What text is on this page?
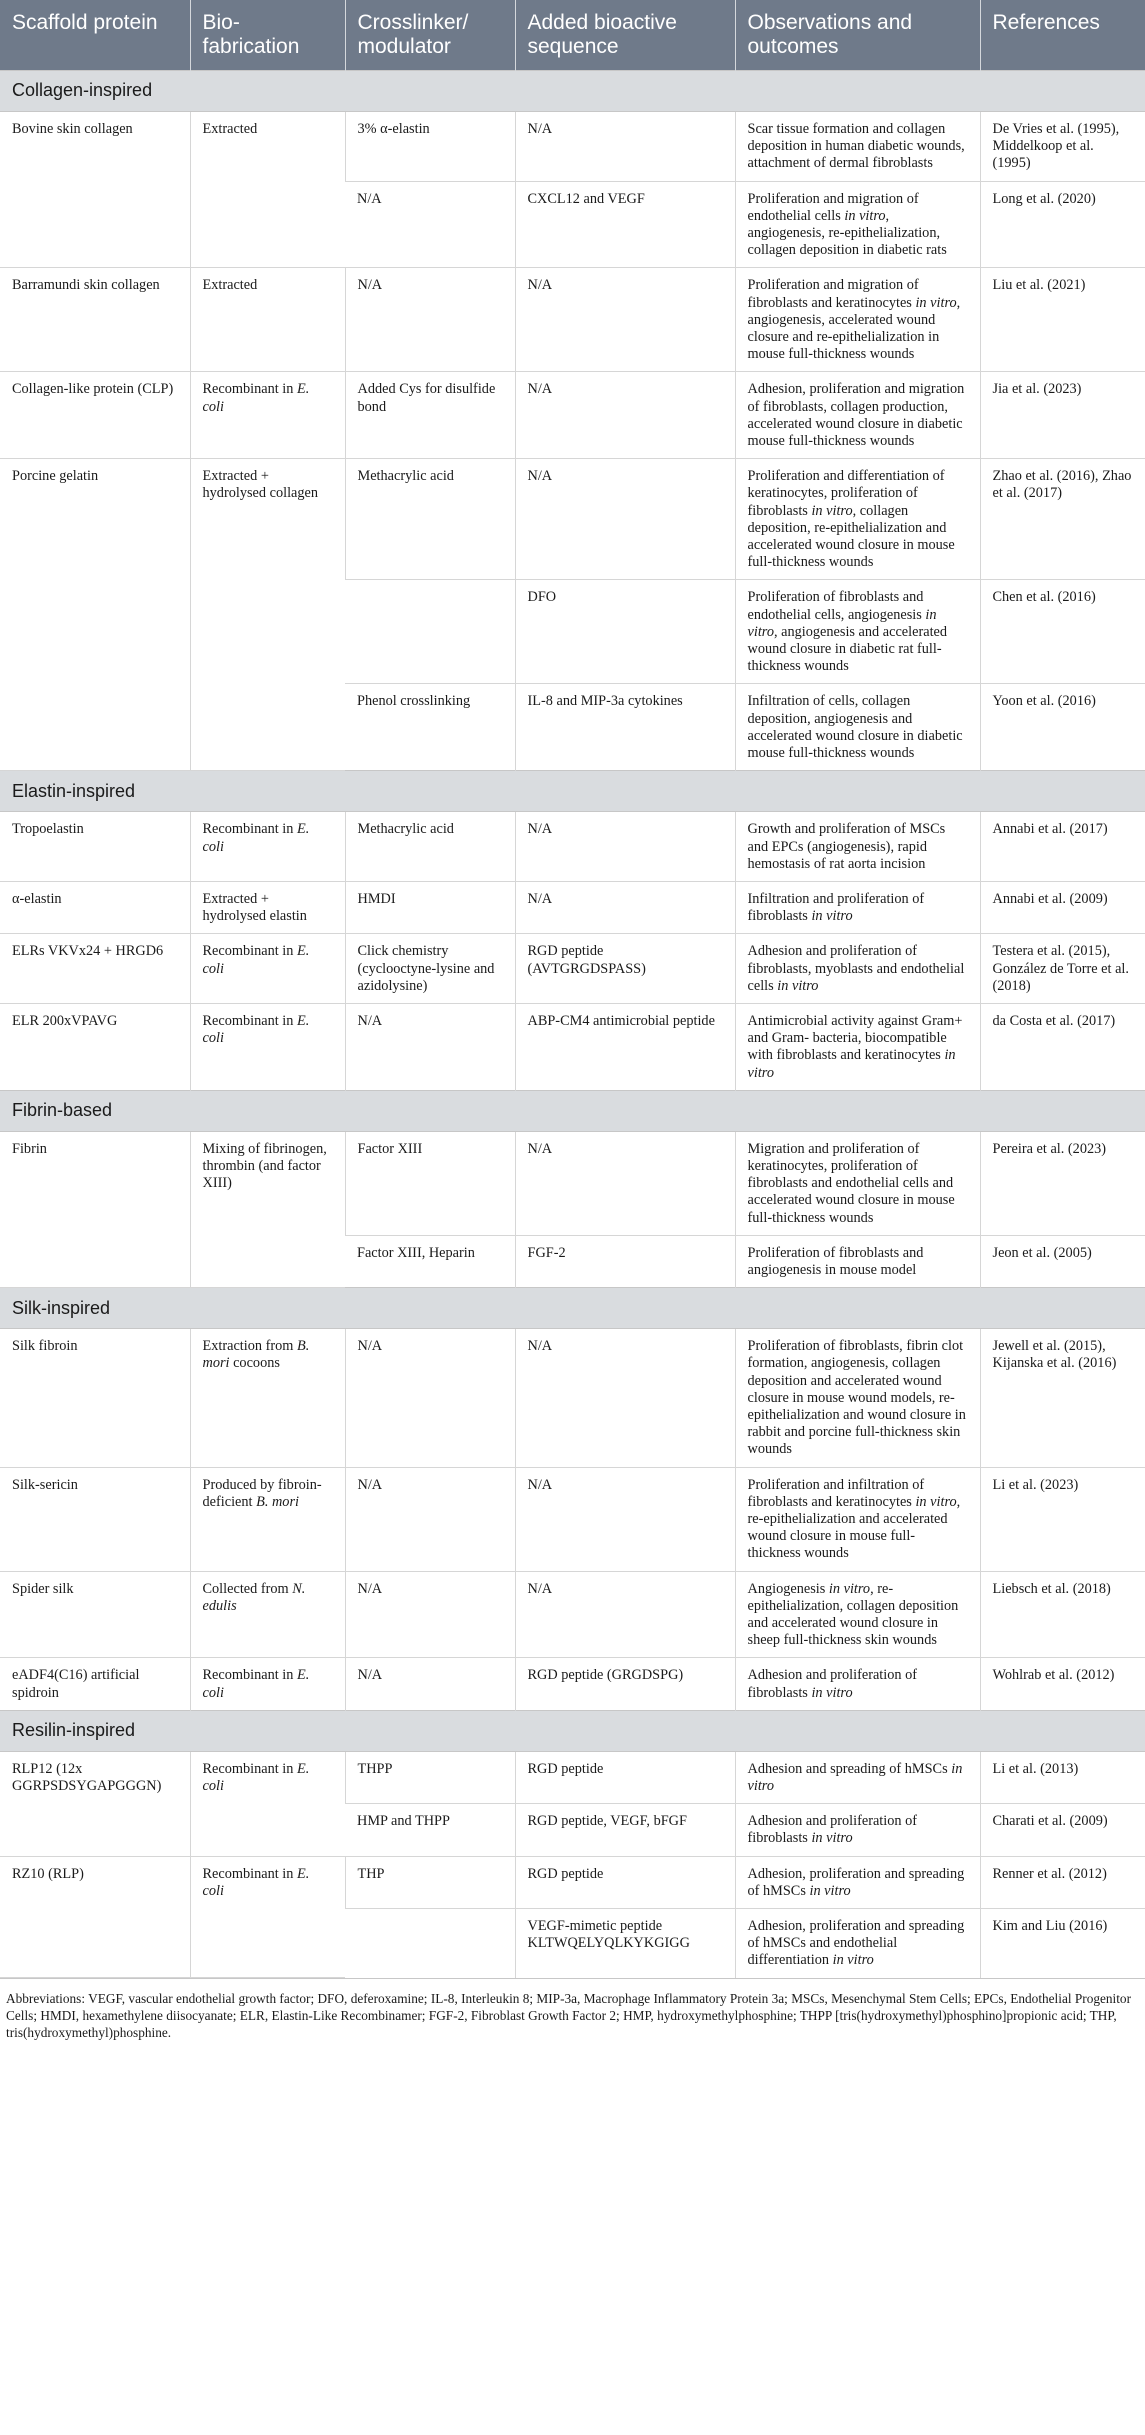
Scaffold protein	Bio-fabrication	Crosslinker/ modulator	Added bioactive sequence	Observations and outcomes	References
Collagen-inspired					
Bovine skin collagen	Extracted	3% α-elastin	N/A	Scar tissue formation and collagen deposition in human diabetic wounds, attachment of dermal fibroblasts	De Vries et al. (1995), Middelkoop et al. (1995)
		N/A	CXCL12 and VEGF	Proliferation and migration of endothelial cells in vitro, angiogenesis, re-epithelialization, collagen deposition in diabetic rats	Long et al. (2020)
Barramundi skin collagen	Extracted	N/A	N/A	Proliferation and migration of fibroblasts and keratinocytes in vitro, angiogenesis, accelerated wound closure and re-epithelialization in mouse full-thickness wounds	Liu et al. (2021)
Collagen-like protein (CLP)	Recombinant in E. coli	Added Cys for disulfide bond	N/A	Adhesion, proliferation and migration of fibroblasts, collagen production, accelerated wound closure in diabetic mouse full-thickness wounds	Jia et al. (2023)
Porcine gelatin	Extracted + hydrolysed collagen	Methacrylic acid	N/A	Proliferation and differentiation of keratinocytes, proliferation of fibroblasts in vitro, collagen deposition, re-epithelialization and accelerated wound closure in mouse full-thickness wounds	Zhao et al. (2016), Zhao et al. (2017)
			DFO	Proliferation of fibroblasts and endothelial cells, angiogenesis in vitro, angiogenesis and accelerated wound closure in diabetic rat full-thickness wounds	Chen et al. (2016)
		Phenol crosslinking	IL-8 and MIP-3a cytokines	Infiltration of cells, collagen deposition, angiogenesis and accelerated wound closure in diabetic mouse full-thickness wounds	Yoon et al. (2016)
Elastin-inspired					
Tropoelastin	Recombinant in E. coli	Methacrylic acid	N/A	Growth and proliferation of MSCs and EPCs (angiogenesis), rapid hemostasis of rat aorta incision	Annabi et al. (2017)
α-elastin	Extracted + hydrolysed elastin	HMDI	N/A	Infiltration and proliferation of fibroblasts in vitro	Annabi et al. (2009)
ELRs VKVx24 + HRGD6	Recombinant in E. coli	Click chemistry (cyclooctyne-lysine and azidolysine)	RGD peptide (AVTGRGDSPASS)	Adhesion and proliferation of fibroblasts, myoblasts and endothelial cells in vitro	Testera et al. (2015), González de Torre et al. (2018)
ELR 200xVPAVG	Recombinant in E. coli	N/A	ABP-CM4 antimicrobial peptide	Antimicrobial activity against Gram+ and Gram- bacteria, biocompatible with fibroblasts and keratinocytes in vitro	da Costa et al. (2017)
Fibrin-based					
Fibrin	Mixing of fibrinogen, thrombin (and factor XIII)	Factor XIII	N/A	Migration and proliferation of keratinocytes, proliferation of fibroblasts and endothelial cells and accelerated wound closure in mouse full-thickness wounds	Pereira et al. (2023)
		Factor XIII, Heparin	FGF-2	Proliferation of fibroblasts and angiogenesis in mouse model	Jeon et al. (2005)
Silk-inspired					
Silk fibroin	Extraction from B. mori cocoons	N/A	N/A	Proliferation of fibroblasts, fibrin clot formation, angiogenesis, collagen deposition and accelerated wound closure in mouse wound models, re-epithelialization and wound closure in rabbit and porcine full-thickness skin wounds	Jewell et al. (2015), Kijanska et al. (2016)
Silk-sericin	Produced by fibroin-deficient B. mori	N/A	N/A	Proliferation and infiltration of fibroblasts and keratinocytes in vitro, re-epithelialization and accelerated wound closure in mouse full-thickness wounds	Li et al. (2023)
Spider silk	Collected from N. edulis	N/A	N/A	Angiogenesis in vitro, re-epithelialization, collagen deposition and accelerated wound closure in sheep full-thickness skin wounds	Liebsch et al. (2018)
eADF4(C16) artificial spidroin	Recombinant in E. coli	N/A	RGD peptide (GRGDSPG)	Adhesion and proliferation of fibroblasts in vitro	Wohlrab et al. (2012)
Resilin-inspired					
RLP12 (12x GGRPSDSYGAPGGGN)	Recombinant in E. coli	THPP	RGD peptide	Adhesion and spreading of hMSCs in vitro	Li et al. (2013)
		HMP and THPP	RGD peptide, VEGF, bFGF	Adhesion and proliferation of fibroblasts in vitro	Charati et al. (2009)
RZ10 (RLP)	Recombinant in E. coli	THP	RGD peptide	Adhesion, proliferation and spreading of hMSCs in vitro	Renner et al. (2012)
			VEGF-mimetic peptide KLTWQELYQLKYKGIGG	Adhesion, proliferation and spreading of hMSCs and endothelial differentiation in vitro	Kim and Liu (2016)
Abbreviations: VEGF, vascular endothelial growth factor; DFO, deferoxamine; IL-8, Interleukin 8; MIP-3a, Macrophage Inflammatory Protein 3a; MSCs, Mesenchymal Stem Cells; EPCs, Endothelial Progenitor Cells; HMDI, hexamethylene diisocyanate; ELR, Elastin-Like Recombinamer; FGF-2, Fibroblast Growth Factor 2; HMP, hydroxymethylphosphine; THPP [tris(hydroxymethyl)phosphino]propionic acid; THP, tris(hydroxymethyl)phosphine.
